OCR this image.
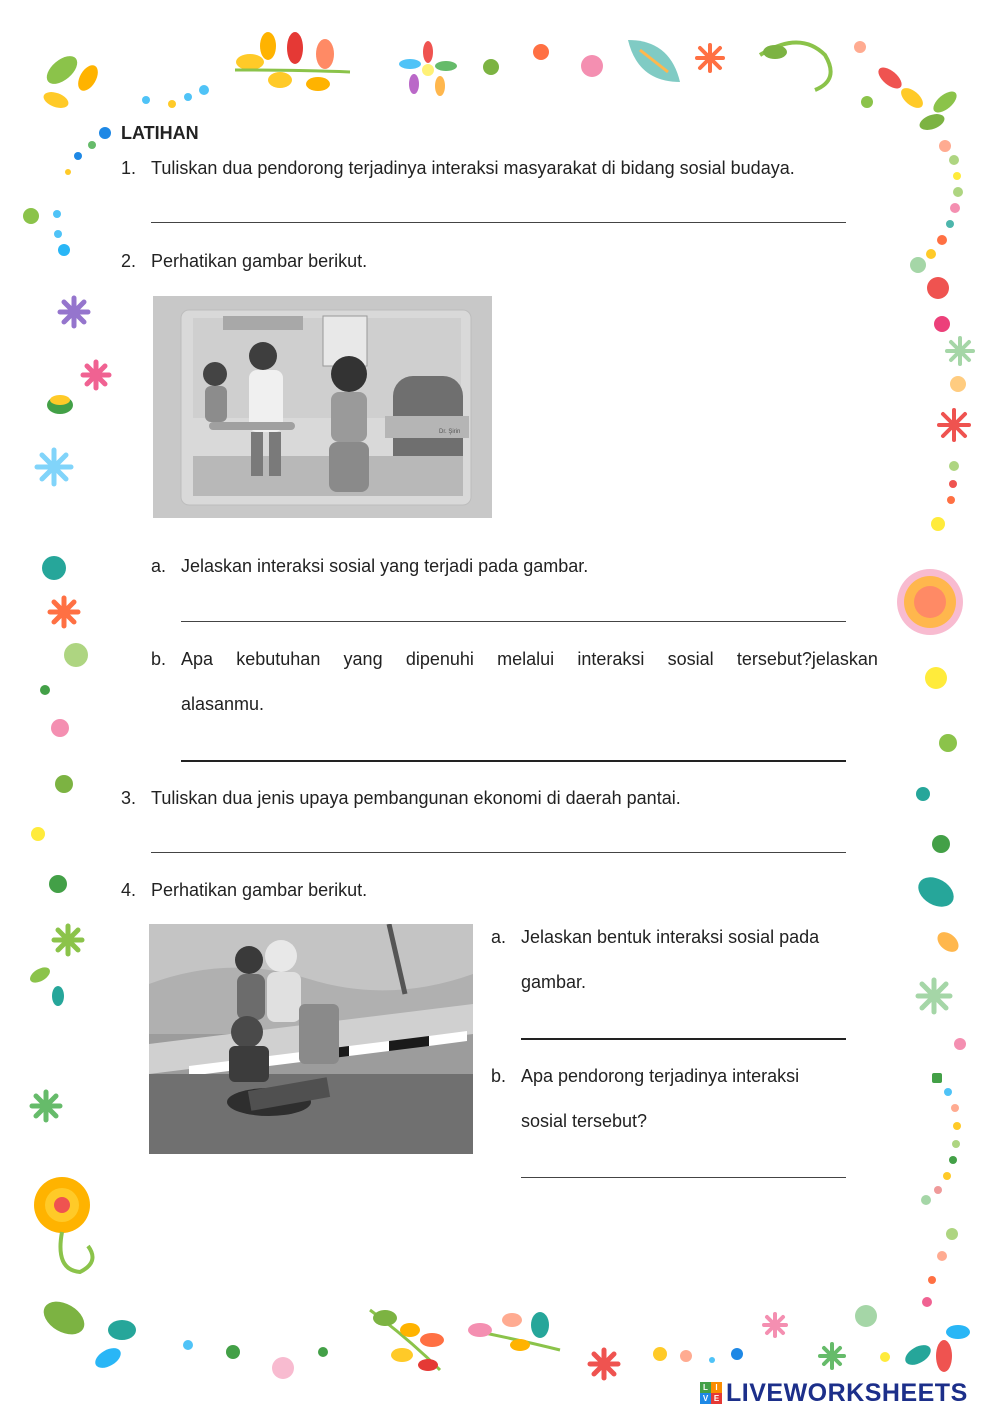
LATIHAN
1. Tuliskan dua pendorong terjadinya interaksi masyarakat di bidang sosial budaya.
2. Perhatikan gambar berikut.
Dr. Şirin
a. Jelaskan interaksi sosial yang terjadi pada gambar.
b. Apa kebutuhan yang dipenuhi melalui interaksi sosial tersebut?jelaskan
alasanmu.
3. Tuliskan dua jenis upaya pembangunan ekonomi di daerah pantai.
4. Perhatikan gambar berikut.
a. Jelaskan bentuk interaksi sosial pada
gambar.
b. Apa pendorong terjadinya interaksi
sosial tersebut?
L I
V E LIVEWORKSHEETS
